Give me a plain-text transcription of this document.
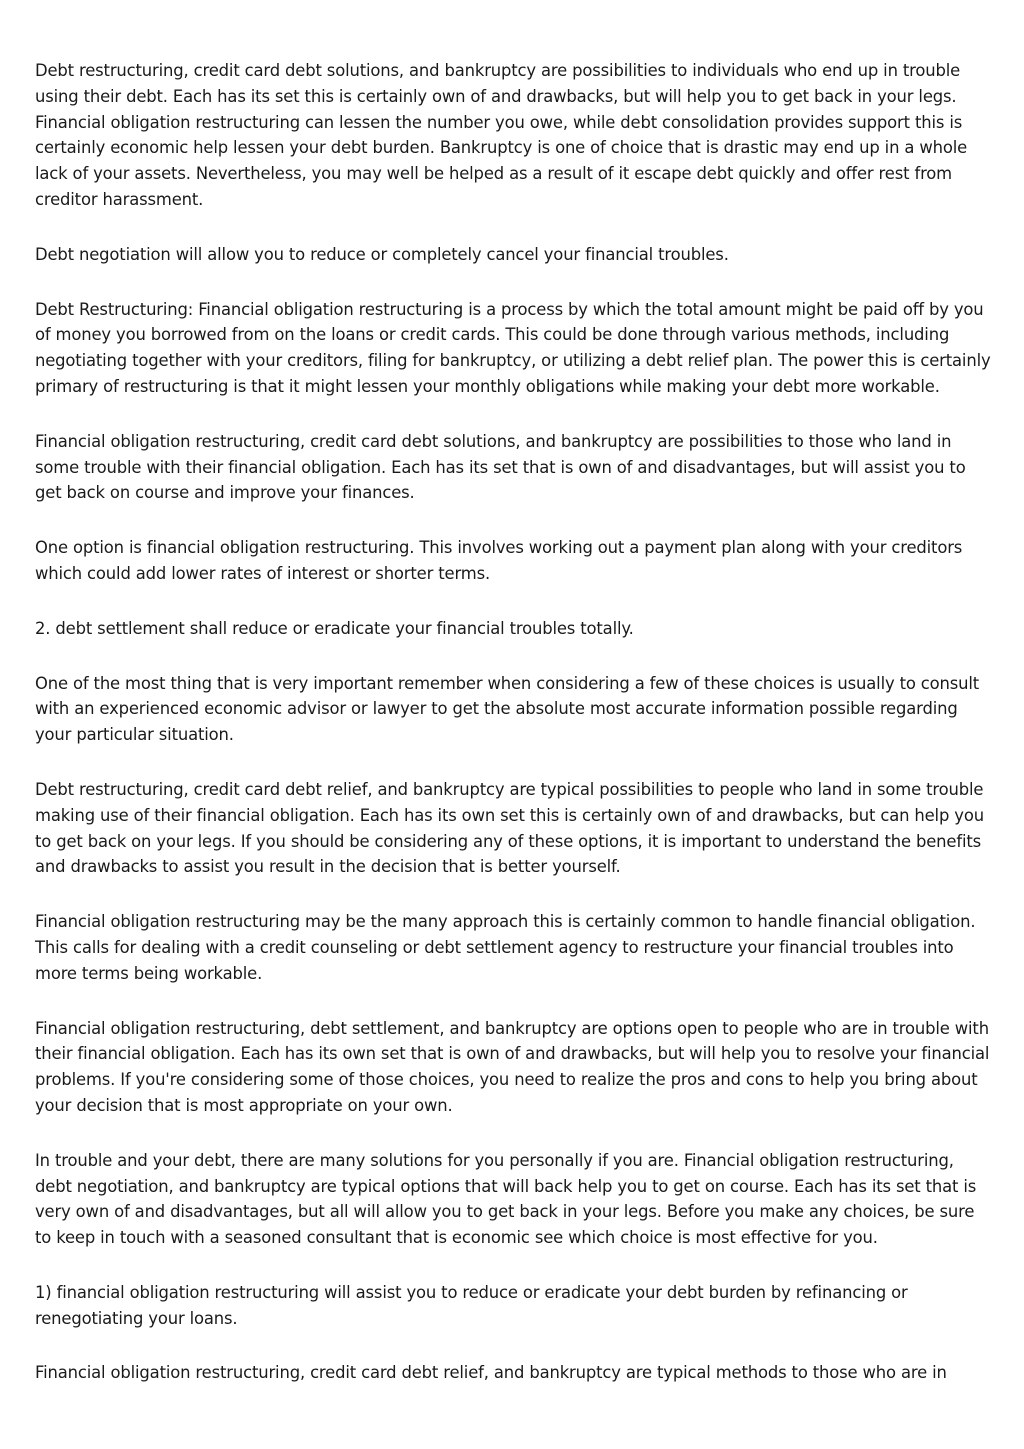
Debt restructuring, credit card debt solutions, and bankruptcy are possibilities to individuals who end up in trouble using their debt. Each has its set this is certainly own of and drawbacks, but will help you to get back in your legs. Financial obligation restructuring can lessen the number you owe, while debt consolidation provides support this is certainly economic help lessen your debt burden. Bankruptcy is one of choice that is drastic may end up in a whole lack of your assets. Nevertheless, you may well be helped as a result of it escape debt quickly and offer rest from creditor harassment.

Debt negotiation will allow you to reduce or completely cancel your financial troubles.

Debt Restructuring: Financial obligation restructuring is a process by which the total amount might be paid off by you of money you borrowed from on the loans or credit cards. This could be done through various methods, including negotiating together with your creditors, filing for bankruptcy, or utilizing a debt relief plan. The power this is certainly primary of restructuring is that it might lessen your monthly obligations while making your debt more workable.

Financial obligation restructuring, credit card debt solutions, and bankruptcy are possibilities to those who land in some trouble with their financial obligation. Each has its set that is own of and disadvantages, but will assist you to get back on course and improve your finances.

One option is financial obligation restructuring. This involves working out a payment plan along with your creditors which could add lower rates of interest or shorter terms.

2. debt settlement shall reduce or eradicate your financial troubles totally.

One of the most thing that is very important remember when considering a few of these choices is usually to consult with an experienced economic advisor or lawyer to get the absolute most accurate information possible regarding your particular situation.

Debt restructuring, credit card debt relief, and bankruptcy are typical possibilities to people who land in some trouble making use of their financial obligation. Each has its own set this is certainly own of and drawbacks, but can help you to get back on your legs. If you should be considering any of these options, it is important to understand the benefits and drawbacks to assist you result in the decision that is better yourself.

Financial obligation restructuring may be the many approach this is certainly common to handle financial obligation. This calls for dealing with a credit counseling or debt settlement agency to restructure your financial troubles into more terms being workable.

Financial obligation restructuring, debt settlement, and bankruptcy are options open to people who are in trouble with their financial obligation. Each has its own set that is own of and drawbacks, but will help you to resolve your financial problems. If you're considering some of those choices, you need to realize the pros and cons to help you bring about your decision that is most appropriate on your own.

In trouble and your debt, there are many solutions for you personally if you are. Financial obligation restructuring, debt negotiation, and bankruptcy are typical options that will back help you to get on course. Each has its set that is very own of and disadvantages, but all will allow you to get back in your legs. Before you make any choices, be sure to keep in touch with a seasoned consultant that is economic see which choice is most effective for you.

1) financial obligation restructuring will assist you to reduce or eradicate your debt burden by refinancing or renegotiating your loans.

Financial obligation restructuring, credit card debt relief, and bankruptcy are typical methods to those who are in
